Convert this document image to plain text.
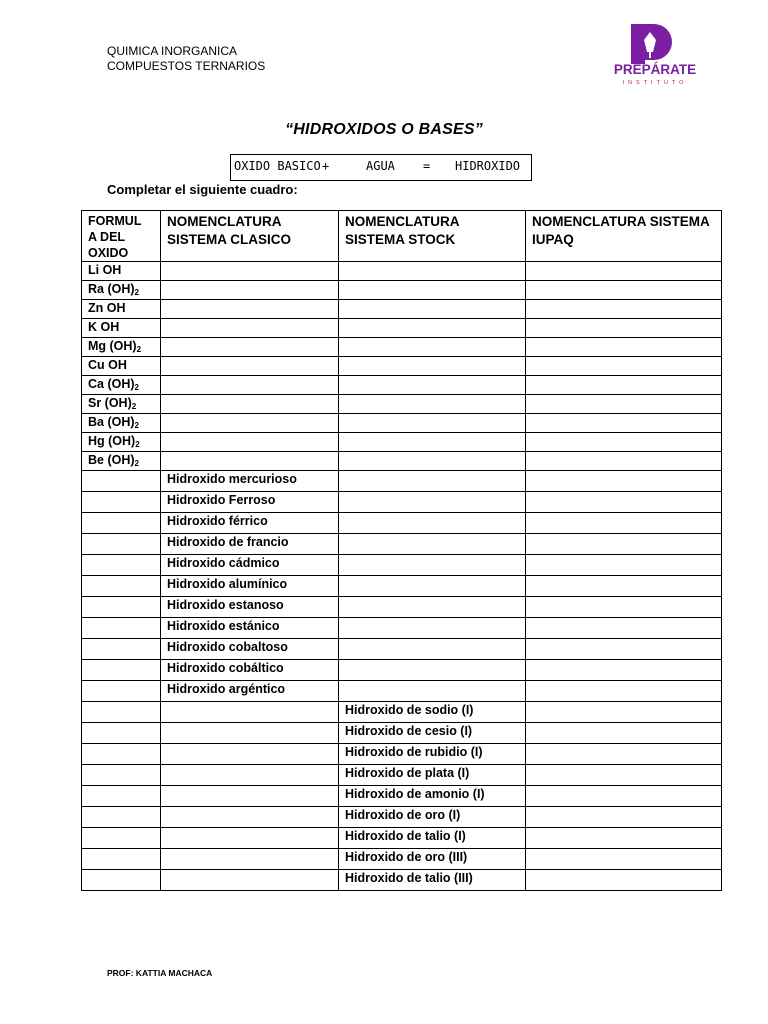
QUIMICA INORGANICA
COMPUESTOS TERNARIOS	PREPÁRATE
INSTITUTO
“HIDROXIDOS O BASES”
OXIDO BASICO +	AGUA = HIDROXIDO
Completar el siguiente cuadro:
FORMUL
A DEL
OXIDO	NOMENCLATURA SISTEMA CLASICO	NOMENCLATURA SISTEMA STOCK	NOMENCLATURA SISTEMA IUPAQ
Li OH			
Ra $(OH)_2$			
Zn OH			
K OH			
Mg $(OH)_2$			
Cu OH			
Ca $(OH)_2$			
Sr $(OH)_2$			
Ba $(OH)_2$			
Hg $(OH)_2$			
Be $(OH)_2$			
	Hidroxido mercurioso		
	Hidroxido Ferroso		
	Hidroxido férrico		
	Hidroxido de francio		
	Hidroxido cádmico		
	Hidroxido alumínico		
	Hidroxido estanoso		
	Hidroxido estánico		
	Hidroxido cobaltoso		
	Hidroxido cobáltico		
	Hidroxido argéntico		
		Hidroxido de sodio (I)	
		Hidroxido de cesio (I)	
		Hidroxido de rubidio (I)	
		Hidroxido de plata (I)	
		Hidroxido de amonio (I)	
		Hidroxido de oro (I)	
		Hidroxido de talio (I)	
		Hidroxido de oro (III)	
		Hidroxido de talio (III)	
PROF: KATTIA MACHACA
